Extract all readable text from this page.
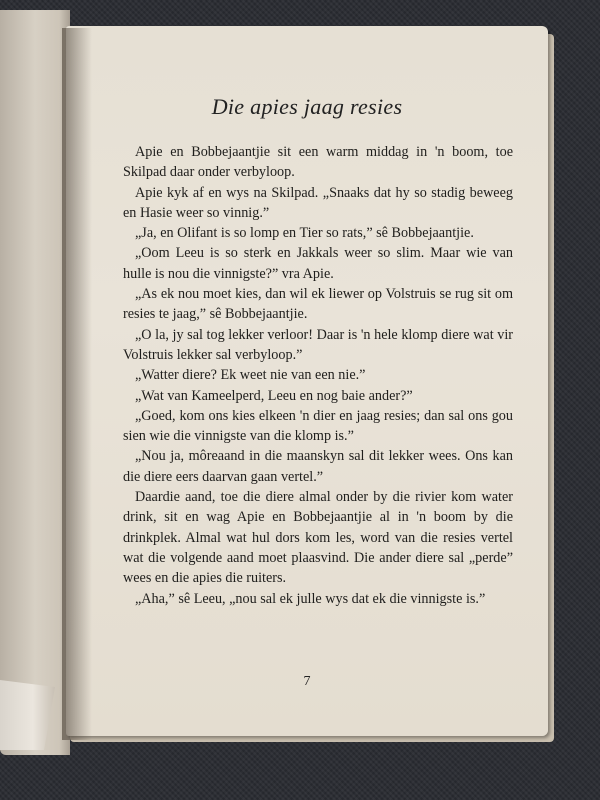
Die apies jaag resies

Apie en Bobbejaantjie sit een warm middag in 'n boom, toe Skilpad daar onder verbyloop.

Apie kyk af en wys na Skilpad. „Snaaks dat hy so stadig beweeg en Hasie weer so vinnig.”

„Ja, en Olifant is so lomp en Tier so rats,” sê Bobbejaantjie.

„Oom Leeu is so sterk en Jakkals weer so slim. Maar wie van hulle is nou die vinnigste?” vra Apie.

„As ek nou moet kies, dan wil ek liewer op Volstruis se rug sit om resies te jaag,” sê Bobbejaantjie.

„O la, jy sal tog lekker verloor! Daar is 'n hele klomp diere wat vir Volstruis lekker sal verbyloop.”

„Watter diere? Ek weet nie van een nie.”

„Wat van Kameelperd, Leeu en nog baie ander?”

„Goed, kom ons kies elkeen 'n dier en jaag resies; dan sal ons gou sien wie die vinnigste van die klomp is.”

„Nou ja, môreaand in die maanskyn sal dit lekker wees. Ons kan die diere eers daarvan gaan vertel.”

Daardie aand, toe die diere almal onder by die rivier kom water drink, sit en wag Apie en Bobbejaantjie al in 'n boom by die drinkplek. Almal wat hul dors kom les, word van die resies vertel wat die volgende aand moet plaasvind. Die ander diere sal „perde” wees en die apies die ruiters.

„Aha,” sê Leeu, „nou sal ek julle wys dat ek die vinnigste is.”

7
